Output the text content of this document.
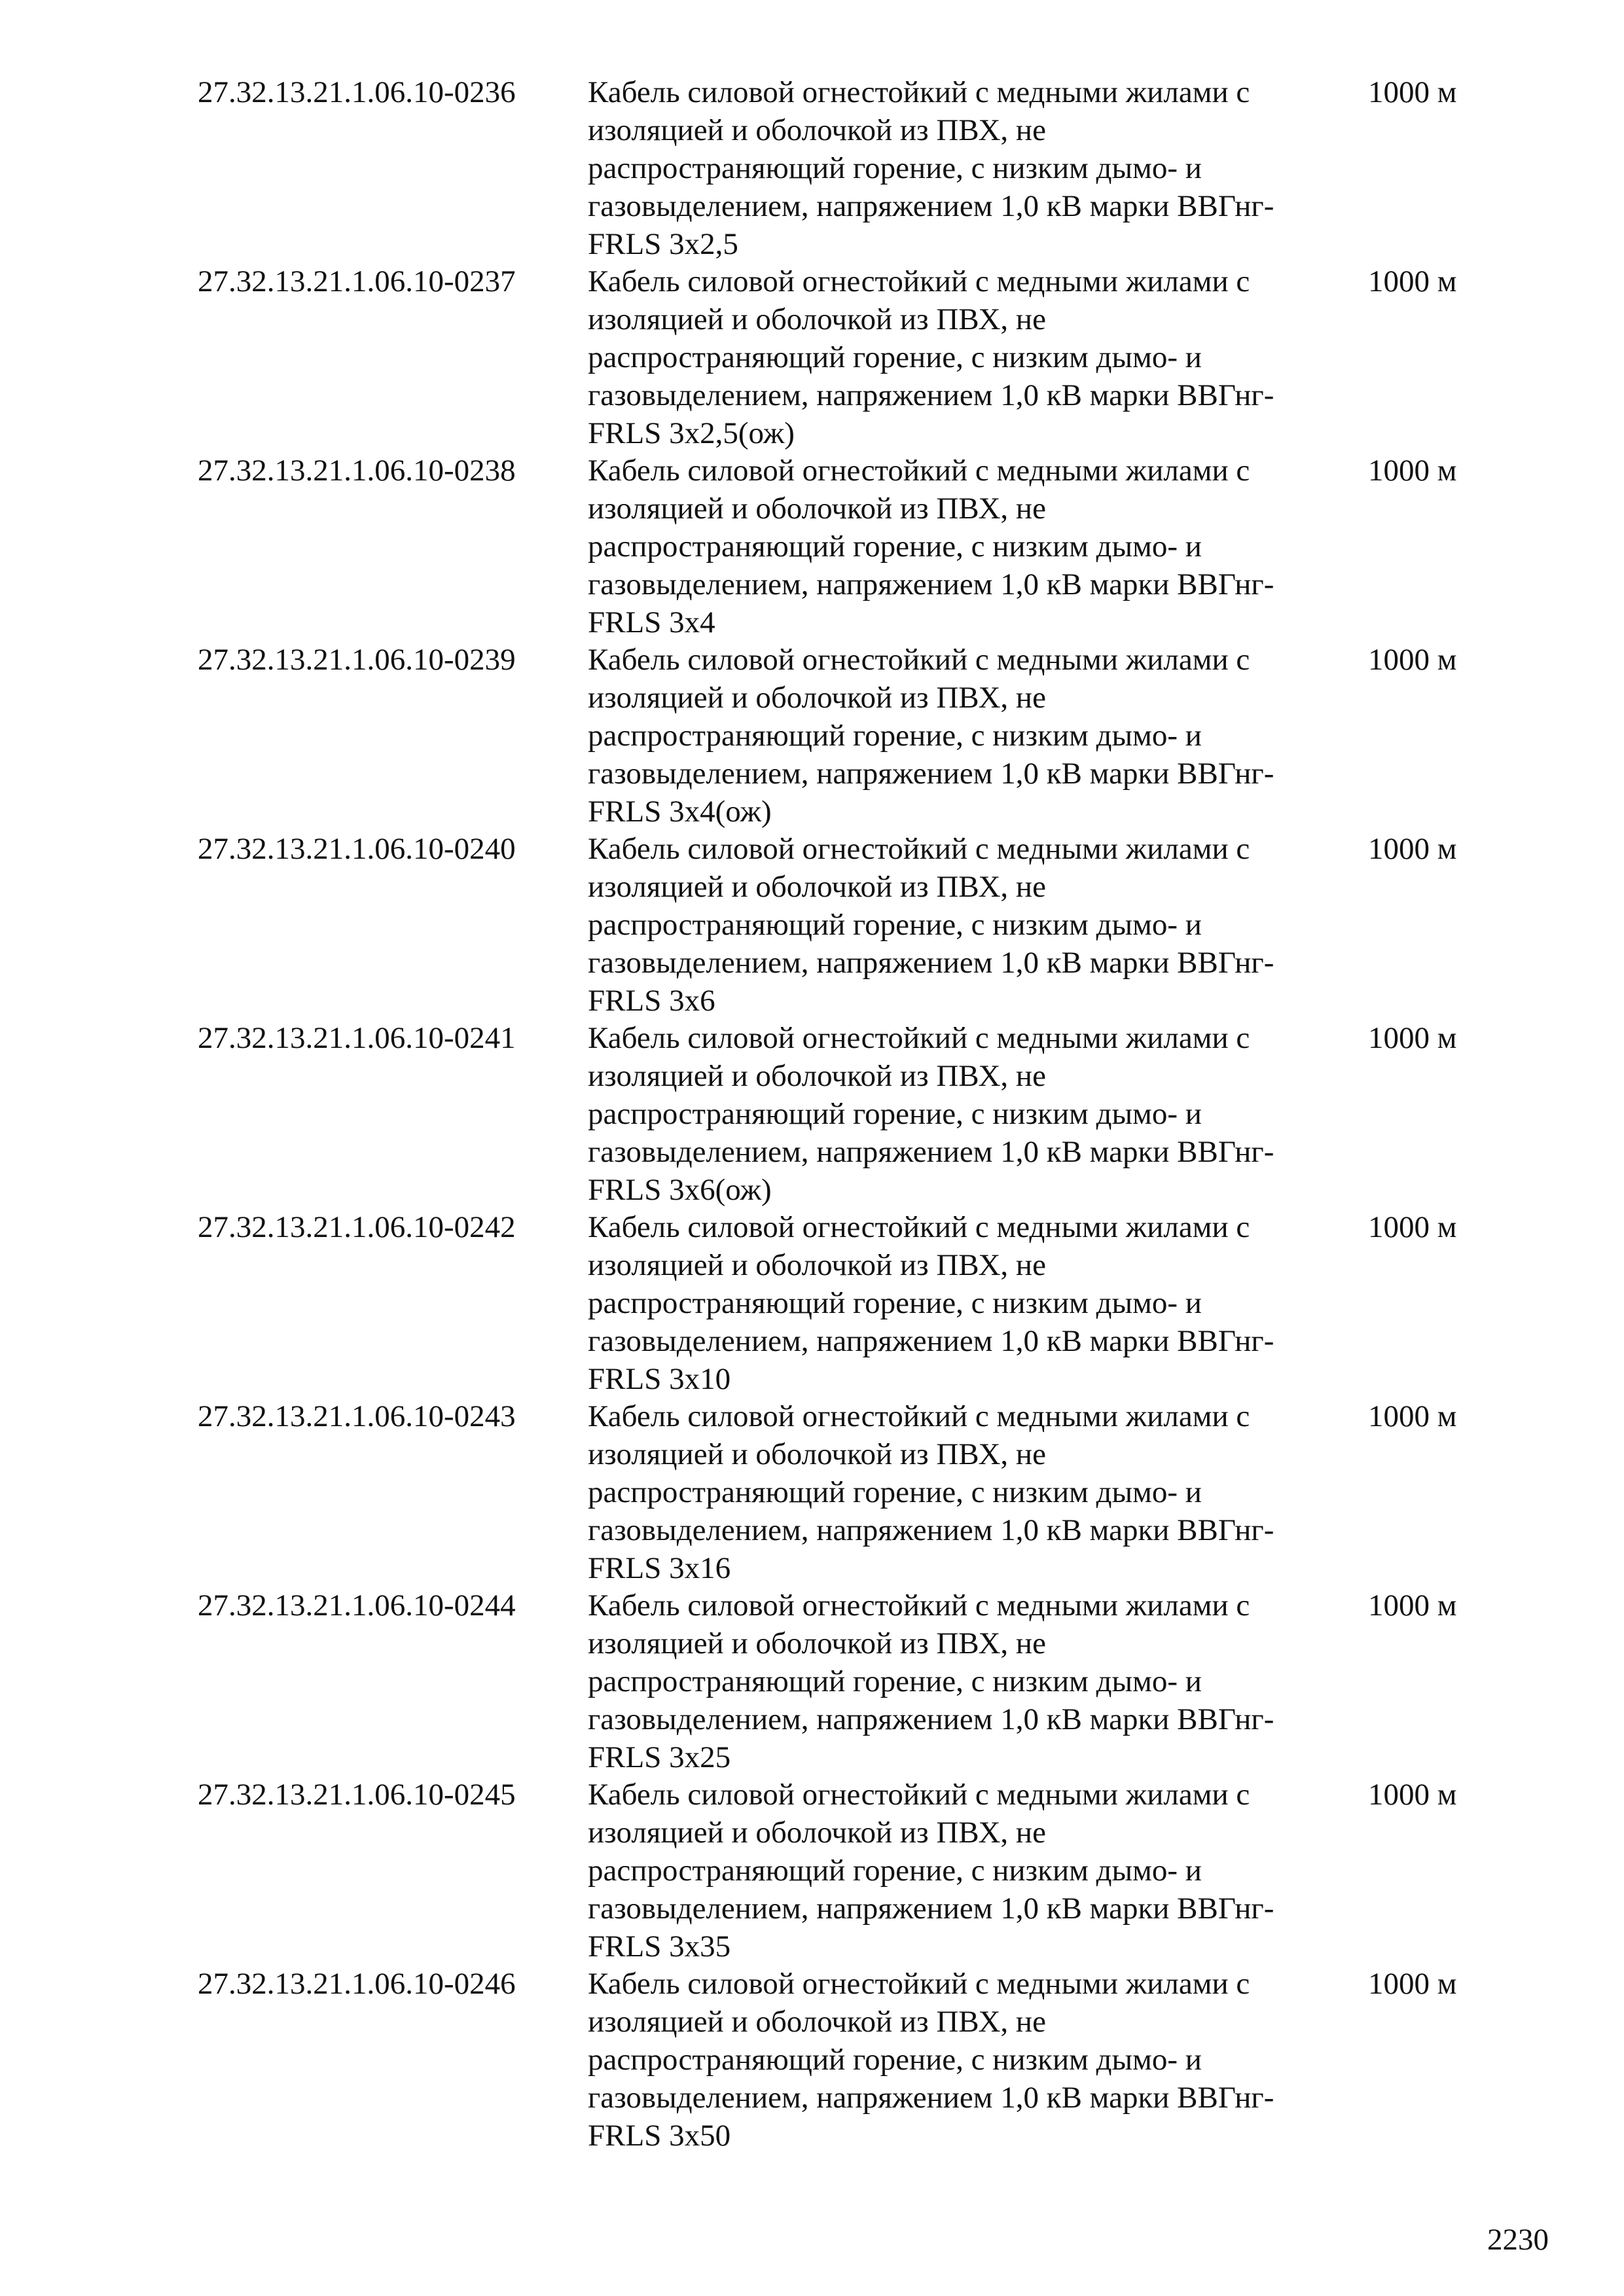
27.32.13.21.1.06.10-0236 Кабель силовой огнестойкий с медными жилами с
изоляцией и оболочкой из ПВХ, не
распространяющий горение, с низким дымо- и
газовыделением, напряжением 1,0 кВ марки ВВГнг-
FRLS 3х2,5
1000 м
27.32.13.21.1.06.10-0237 Кабель силовой огнестойкий с медными жилами с
изоляцией и оболочкой из ПВХ, не
распространяющий горение, с низким дымо- и
газовыделением, напряжением 1,0 кВ марки ВВГнг-
FRLS 3х2,5(ож)
1000 м
27.32.13.21.1.06.10-0238 Кабель силовой огнестойкий с медными жилами с
изоляцией и оболочкой из ПВХ, не
распространяющий горение, с низким дымо- и
газовыделением, напряжением 1,0 кВ марки ВВГнг-
FRLS 3х4
1000 м
27.32.13.21.1.06.10-0239 Кабель силовой огнестойкий с медными жилами с
изоляцией и оболочкой из ПВХ, не
распространяющий горение, с низким дымо- и
газовыделением, напряжением 1,0 кВ марки ВВГнг-
FRLS 3х4(ож)
1000 м
27.32.13.21.1.06.10-0240 Кабель силовой огнестойкий с медными жилами с
изоляцией и оболочкой из ПВХ, не
распространяющий горение, с низким дымо- и
газовыделением, напряжением 1,0 кВ марки ВВГнг-
FRLS 3х6
1000 м
27.32.13.21.1.06.10-0241 Кабель силовой огнестойкий с медными жилами с
изоляцией и оболочкой из ПВХ, не
распространяющий горение, с низким дымо- и
газовыделением, напряжением 1,0 кВ марки ВВГнг-
FRLS 3х6(ож)
1000 м
27.32.13.21.1.06.10-0242 Кабель силовой огнестойкий с медными жилами с
изоляцией и оболочкой из ПВХ, не
распространяющий горение, с низким дымо- и
газовыделением, напряжением 1,0 кВ марки ВВГнг-
FRLS 3х10
1000 м
27.32.13.21.1.06.10-0243 Кабель силовой огнестойкий с медными жилами с
изоляцией и оболочкой из ПВХ, не
распространяющий горение, с низким дымо- и
газовыделением, напряжением 1,0 кВ марки ВВГнг-
FRLS 3х16
1000 м
27.32.13.21.1.06.10-0244 Кабель силовой огнестойкий с медными жилами с
изоляцией и оболочкой из ПВХ, не
распространяющий горение, с низким дымо- и
газовыделением, напряжением 1,0 кВ марки ВВГнг-
FRLS 3х25
1000 м
27.32.13.21.1.06.10-0245 Кабель силовой огнестойкий с медными жилами с
изоляцией и оболочкой из ПВХ, не
распространяющий горение, с низким дымо- и
газовыделением, напряжением 1,0 кВ марки ВВГнг-
FRLS 3х35
1000 м
27.32.13.21.1.06.10-0246 Кабель силовой огнестойкий с медными жилами с
изоляцией и оболочкой из ПВХ, не
распространяющий горение, с низким дымо- и
газовыделением, напряжением 1,0 кВ марки ВВГнг-
FRLS 3х50
1000 м
2230
